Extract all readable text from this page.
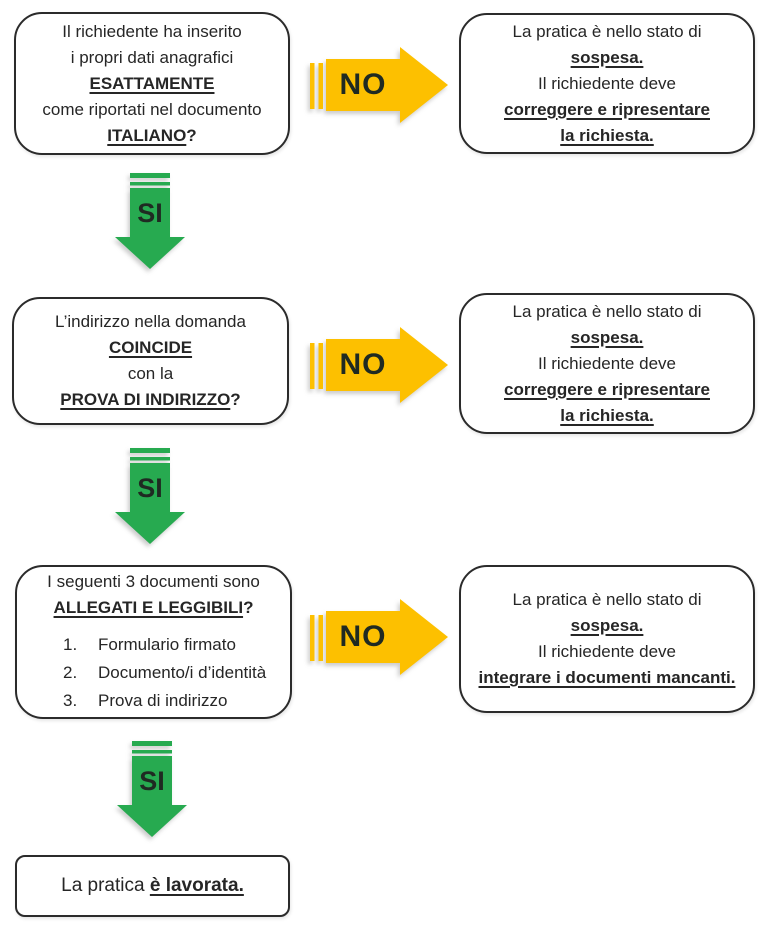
Il richiedente ha inserito
i propri dati anagrafici
ESATTAMENTE
come riportati nel documento
ITALIANO?
NO
La pratica è nello stato di
sospesa.
Il richiedente deve
correggere e ripresentare
la richiesta.
SI
L’indirizzo nella domanda
COINCIDE
con la
PROVA DI INDIRIZZO?
NO
La pratica è nello stato di
sospesa.
Il richiedente deve
correggere e ripresentare
la richiesta.
SI
I seguenti 3 documenti sono
ALLEGATI E LEGGIBILI?
1.	Formulario firmato
2.	Documento/i d’identità
3.	Prova di indirizzo
NO
La pratica è nello stato di
sospesa.
Il richiedente deve
integrare i documenti mancanti.
SI
La pratica è lavorata.
